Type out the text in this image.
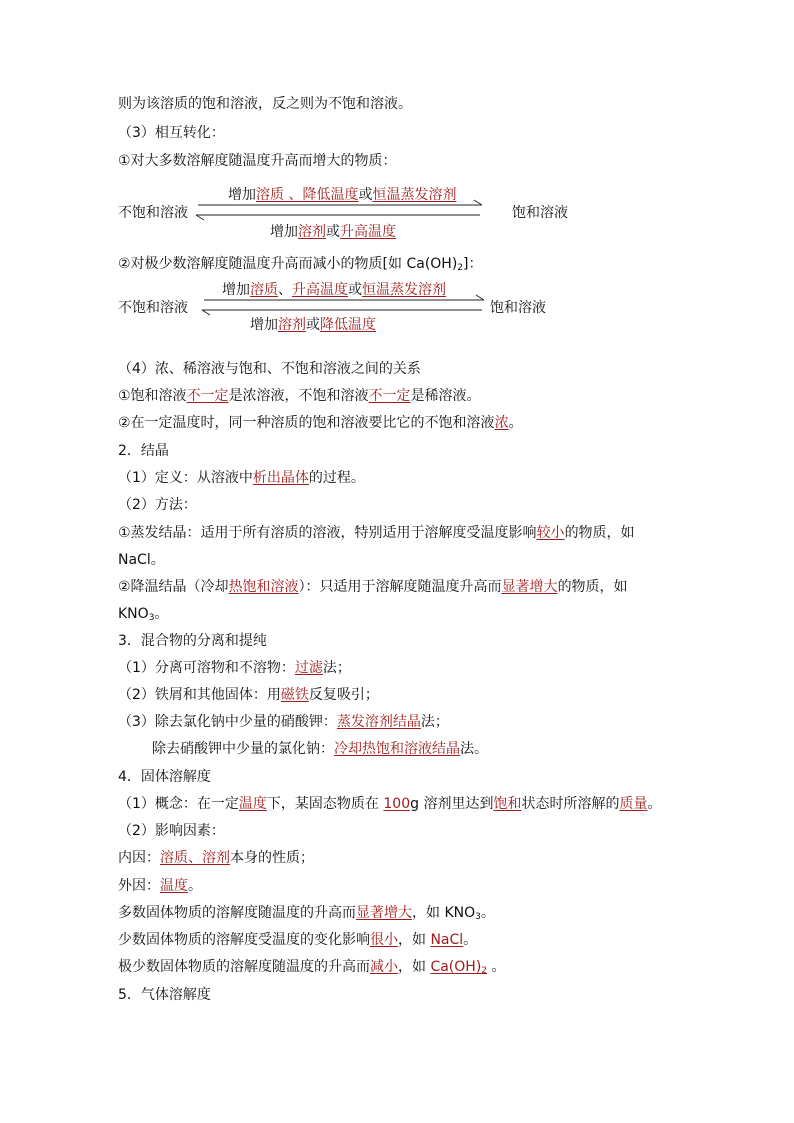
则为该溶质的饱和溶液，反之则为不饱和溶液。
（3）相互转化：
①对大多数溶解度随温度升高而增大的物质：
不饱和溶液	饱和溶液
增加溶质 、降低温度或恒温蒸发溶剂
增加溶剂或升高温度
②对极少数溶解度随温度升高而减小的物质[如 $Ca(OH)_2$]：
不饱和溶液	饱和溶液
增加溶质、升高温度或恒温蒸发溶剂
增加溶剂或降低温度
（4）浓、稀溶液与饱和、不饱和溶液之间的关系
①饱和溶液不一定是浓溶液，不饱和溶液不一定是稀溶液。
②在一定温度时，同一种溶质的饱和溶液要比它的不饱和溶液浓。
2．结晶
（1）定义：从溶液中析出晶体的过程。
（2）方法：
①蒸发结晶：适用于所有溶质的溶液，特别适用于溶解度受温度影响较小的物质，如
NaCl。
②降温结晶（冷却热饱和溶液）：只适用于溶解度随温度升高而显著增大的物质，如
$KNO_3$。
3．混合物的分离和提纯
（1）分离可溶物和不溶物：过滤法；
（2）铁屑和其他固体：用磁铁反复吸引；
（3）除去氯化钠中少量的硝酸钾：蒸发溶剂结晶法；
除去硝酸钾中少量的氯化钠：冷却热饱和溶液结晶法。
4．固体溶解度
（1）概念：在一定温度下，某固态物质在 100g 溶剂里达到饱和状态时所溶解的质量。
（2）影响因素：
内因：溶质、溶剂本身的性质；
外因：温度。
多数固体物质的溶解度随温度的升高而显著增大，如 $KNO_3$。
少数固体物质的溶解度受温度的变化影响很小，如 NaCl。
极少数固体物质的溶解度随温度的升高而减小，如 $Ca(OH)_2$ 。
5．气体溶解度
